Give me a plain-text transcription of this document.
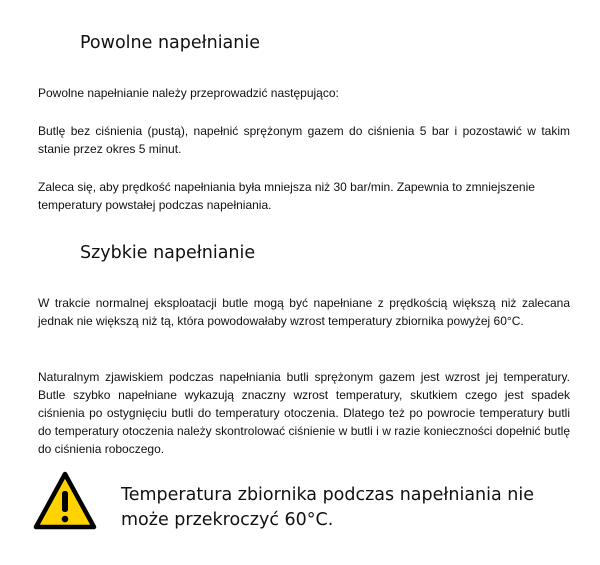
Powolne napełnianie

Powolne napełnianie należy przeprowadzić następująco:

Butlę bez ciśnienia (pustą), napełnić sprężonym gazem do ciśnienia 5 bar i pozostawić w takim stanie przez okres 5 minut.

Zaleca się, aby prędkość napełniania była mniejsza niż 30 bar/min. Zapewnia to zmniejszenie temperatury powstałej podczas napełniania.

Szybkie napełnianie

W trakcie normalnej eksploatacji butle mogą być napełniane z prędkością większą niż zalecana jednak nie większą niż tą, która powodowałaby wzrost temperatury zbiornika powyżej 60°C.

Naturalnym zjawiskiem podczas napełniania butli sprężonym gazem jest wzrost jej temperatury. Butle szybko napełniane wykazują znaczny wzrost temperatury, skutkiem czego jest spadek ciśnienia po ostygnięciu butli do temperatury otoczenia. Dlatego też po powrocie temperatury butli do temperatury otoczenia należy skontrolować ciśnienie w butli i w razie konieczności dopełnić butlę do ciśnienia roboczego.

Temperatura zbiornika podczas napełniania nie może przekroczyć 60°C.
